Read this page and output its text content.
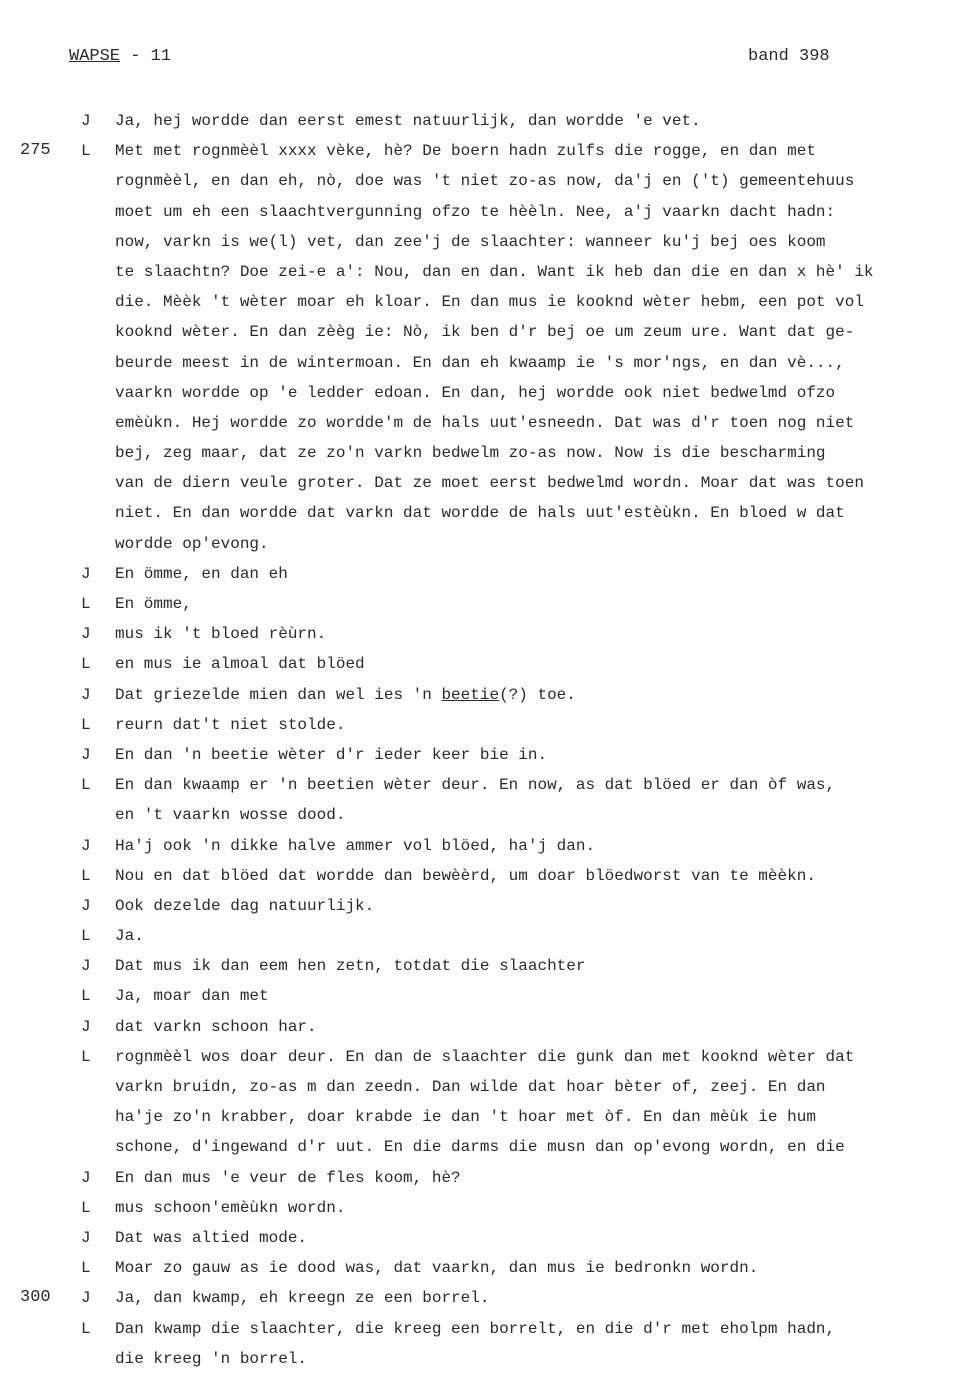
WAPSE - 11	band 398
J Ja, hej wordde dan eerst emest natuurlijk, dan wordde 'e vet.
275 L Met met rognmèèl xxxx vèke, hè? De boern hadn zulfs die rogge, en dan met
rognmèèl, en dan eh, nò, doe was 't niet zo-as now, da'j en ('t) gemeentehuus
moet um eh een slaachtvergunning ofzo te hèèln. Nee, a'j vaarkn dacht hadn:
now, varkn is we(l) vet, dan zee'j de slaachter: wanneer ku'j bej oes koom
te slaachtn? Doe zei-e a': Nou, dan en dan. Want ik heb dan die en dan x hè' ik
die. Mèèk 't wèter moar eh kloar. En dan mus ie kooknd wèter hebm, een pot vol
kooknd wèter. En dan zèèg ie: Nò, ik ben d'r bej oe um zeum ure. Want dat ge-
beurde meest in de wintermoan. En dan eh kwaamp ie 's mor'ngs, en dan vè...,
vaarkn wordde op 'e ledder edoan. En dan, hej wordde ook niet bedwelmd ofzo
emèùkn. Hej wordde zo wordde'm de hals uut'esneedn. Dat was d'r toen nog niet
bej, zeg maar, dat ze zo'n varkn bedwelm zo-as now. Now is die bescharming
van de diern veule groter. Dat ze moet eerst bedwelmd wordn. Moar dat was toen
niet. En dan wordde dat varkn dat wordde de hals uut'estèùkn. En bloed w dat
wordde op'evong.
J En ömme, en dan eh
L En ömme,
J mus ik 't bloed rèùrn.
L en mus ie almoal dat blöed
J Dat griezelde mien dan wel ies 'n beetie(?) toe.
L reurn dat't niet stolde.
J En dan 'n beetie wèter d'r ieder keer bie in.
L En dan kwaamp er 'n beetien wèter deur. En now, as dat blöed er dan òf was,
en 't vaarkn wosse dood.
J Ha'j ook 'n dikke halve ammer vol blöed, ha'j dan.
L Nou en dat blöed dat wordde dan bewèèrd, um doar blöedworst van te mèèkn.
J Ook dezelde dag natuurlijk.
L Ja.
J Dat mus ik dan eem hen zetn, totdat die slaachter
L Ja, moar dan met
J dat varkn schoon har.
L rognmèèl wos doar deur. En dan de slaachter die gunk dan met kooknd wèter dat
varkn bruidn, zo-as m dan zeedn. Dan wilde dat hoar bèter of, zeej. En dan
ha'je zo'n krabber, doar krabde ie dan 't hoar met òf. En dan mèùk ie hum
schone, d'ingewand d'r uut. En die darms die musn dan op'evong wordn, en die
J En dan mus 'e veur de fles koom, hè?
L mus schoon'emèùkn wordn.
J Dat was altied mode.
L Moar zo gauw as ie dood was, dat vaarkn, dan mus ie bedronkn wordn.
300 J Ja, dan kwamp, eh kreegn ze een borrel.
L Dan kwamp die slaachter, die kreeg een borrelt, en die d'r met eholpm hadn,
die kreeg 'n borrel.
